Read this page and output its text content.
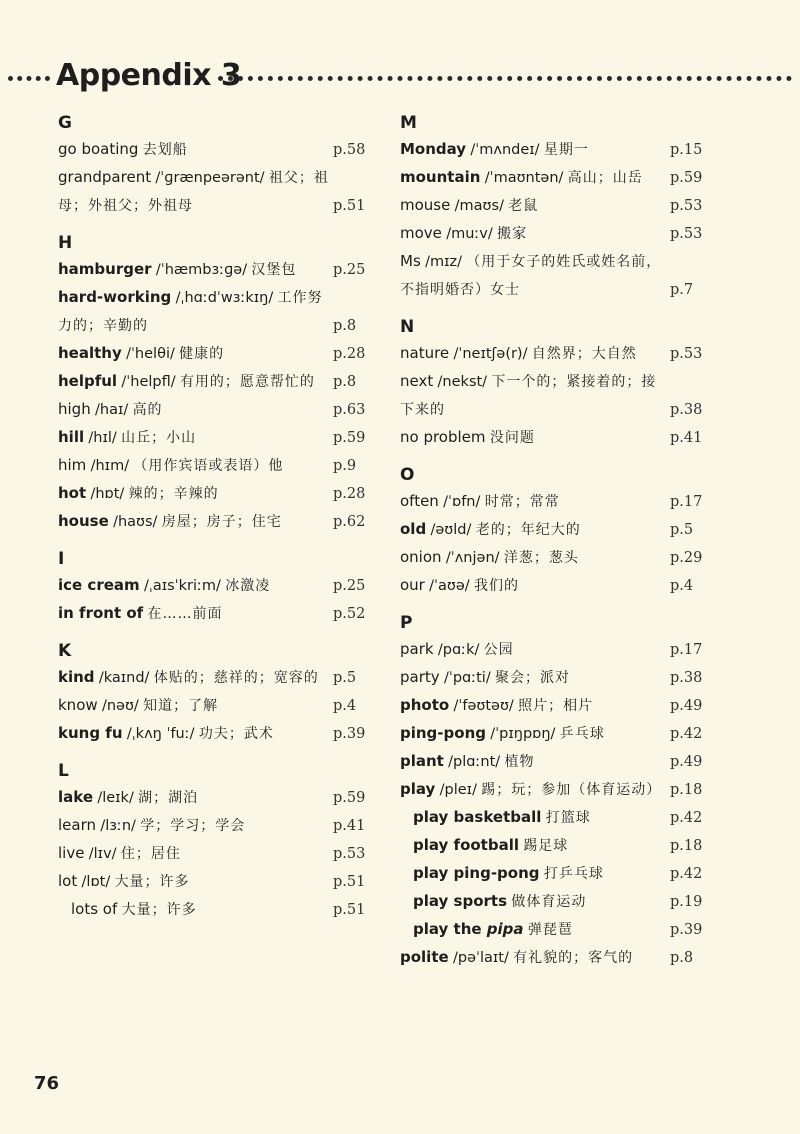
Appendix 3
G
go boating 去划船	p.58
grandparent /ˈɡrænpeərənt/ 祖父；祖母；外祖父；外祖母	p.51
H
hamburger /ˈhæmbɜːɡə/ 汉堡包	p.25
hard-working /ˌhɑːdˈwɜːkɪŋ/ 工作努力的；辛勤的	p.8
healthy /ˈhelθi/ 健康的	p.28
helpful /ˈhelpfl/ 有用的；愿意帮忙的	p.8
high /haɪ/ 高的	p.63
hill /hɪl/ 山丘；小山	p.59
him /hɪm/ （用作宾语或表语）他	p.9
hot /hɒt/ 辣的；辛辣的	p.28
house /haʊs/ 房屋；房子；住宅	p.62
I
ice cream /ˌaɪsˈkriːm/ 冰激凌	p.25
in front of 在……前面	p.52
K
kind /kaɪnd/ 体贴的；慈祥的；宽容的 p.5
know /nəʊ/ 知道；了解	p.4
kung fu /ˌkʌŋ ˈfuː/ 功夫；武术	p.39
L
lake /leɪk/ 湖；湖泊	p.59
learn /lɜːn/ 学；学习；学会	p.41
live /lɪv/ 住；居住	p.53
lot /lɒt/ 大量；许多	p.51
lots of 大量；许多	p.51
M
Monday /ˈmʌndeɪ/ 星期一	p.15
mountain /ˈmaʊntən/ 高山；山岳	p.59
mouse /maʊs/ 老鼠	p.53
move /muːv/ 搬家	p.53
Ms /mɪz/ （用于女子的姓氏或姓名前，不指明婚否）女士	p.7
N
nature /ˈneɪtʃə(r)/ 自然界；大自然	p.53
next /nekst/ 下一个的；紧接着的；接下来的	p.38
no problem 没问题	p.41
O
often /ˈɒfn/ 时常；常常	p.17
old /əʊld/ 老的；年纪大的	p.5
onion /ˈʌnjən/ 洋葱；葱头	p.29
our /ˈaʊə/ 我们的	p.4
P
park /pɑːk/ 公园	p.17
party /ˈpɑːti/ 聚会；派对	p.38
photo /ˈfəʊtəʊ/ 照片；相片	p.49
ping-pong /ˈpɪŋpɒŋ/ 乒乓球	p.42
plant /plɑːnt/ 植物	p.49
play /pleɪ/ 踢；玩；参加（体育运动） p.18
play basketball 打篮球	p.42
play football 踢足球	p.18
play ping-pong 打乒乓球	p.42
play sports 做体育运动	p.19
play the pipa 弹琵琶	p.39
polite /pəˈlaɪt/ 有礼貌的；客气的	p.8
76
